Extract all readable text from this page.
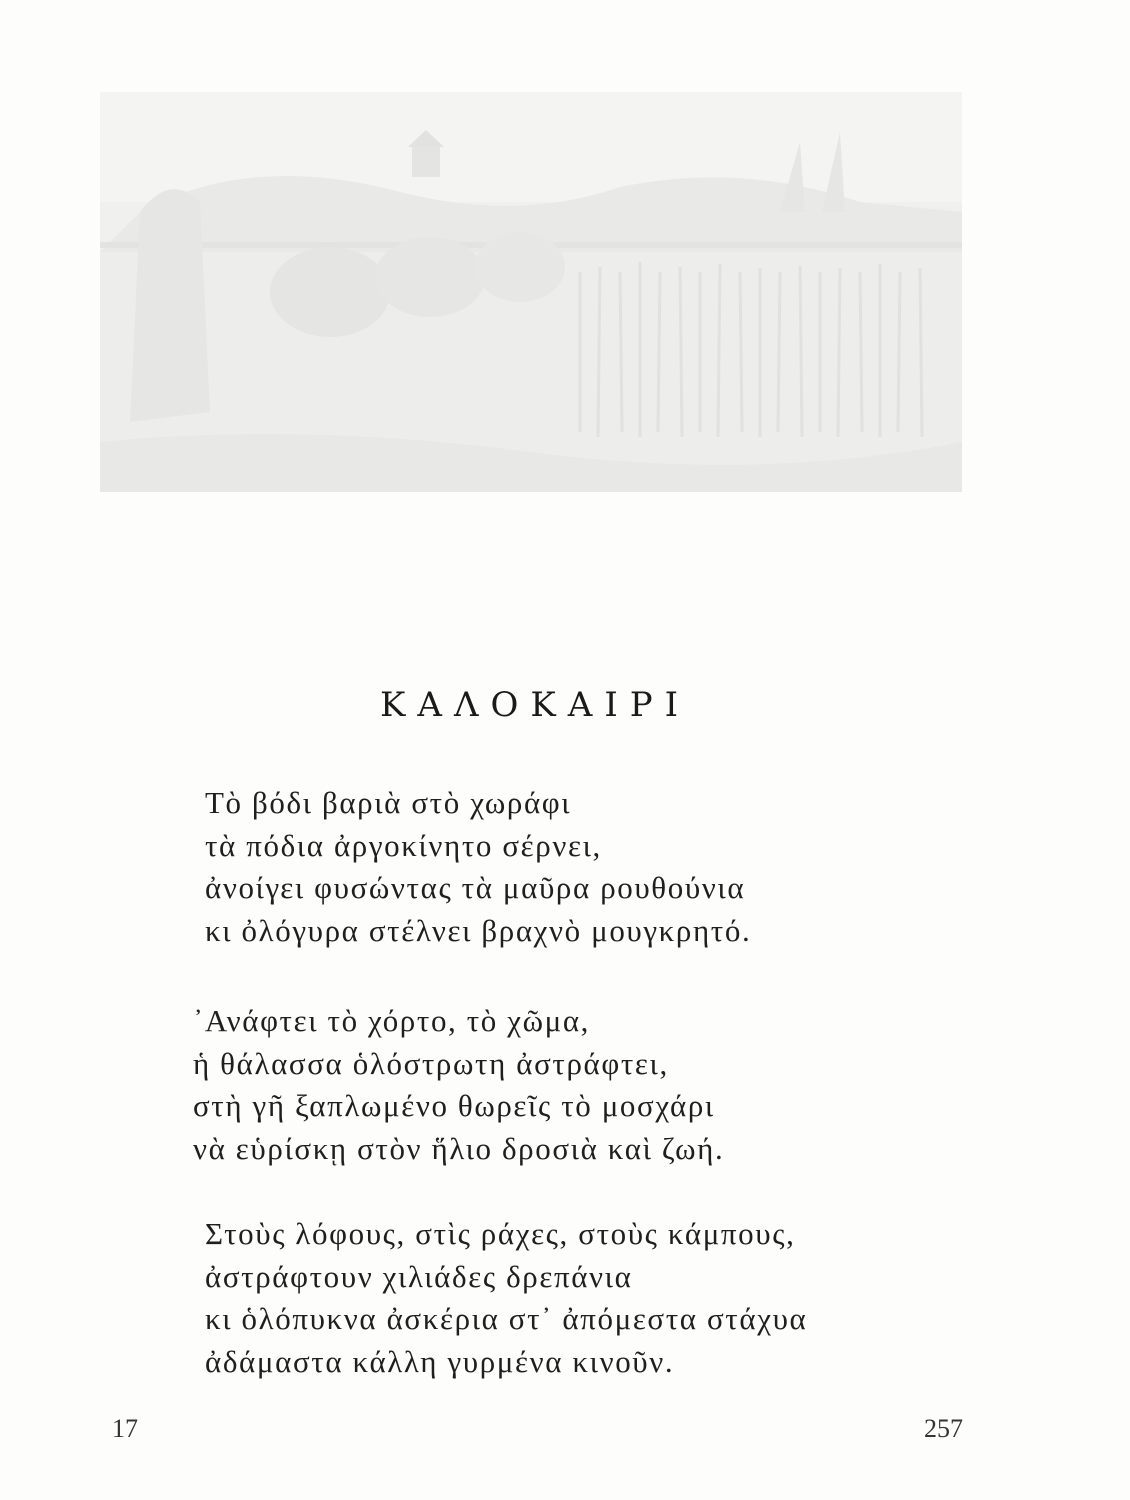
ΚΑΛΟΚΑΙΡΙ
Τὸ βόδι βαριὰ στὸ χωράφι
τὰ πόδια ἀργοκίνητο σέρνει,
ἀνοίγει φυσώντας τὰ μαῦρα ρουθούνια
κι ὀλόγυρα στέλνει βραχνὸ μουγκρητό.
᾿Ανάφτει τὸ χόρτο, τὸ χῶμα,
ἡ θάλασσα ὁλόστρωτη ἀστράφτει,
στὴ γῆ ξαπλωμένο θωρεῖς τὸ μοσχάρι
νὰ εὑρίσκῃ στὸν ἥλιο δροσιὰ καὶ ζωή.
Στοὺς λόφους, στὶς ράχες, στοὺς κάμπους,
ἀστράφτουν χιλιάδες δρεπάνια
κι ὁλόπυκνα ἀσκέρια στ᾿ ἀπόμεστα στάχυα
ἀδάμαστα κάλλη γυρμένα κινοῦν.
17	257
